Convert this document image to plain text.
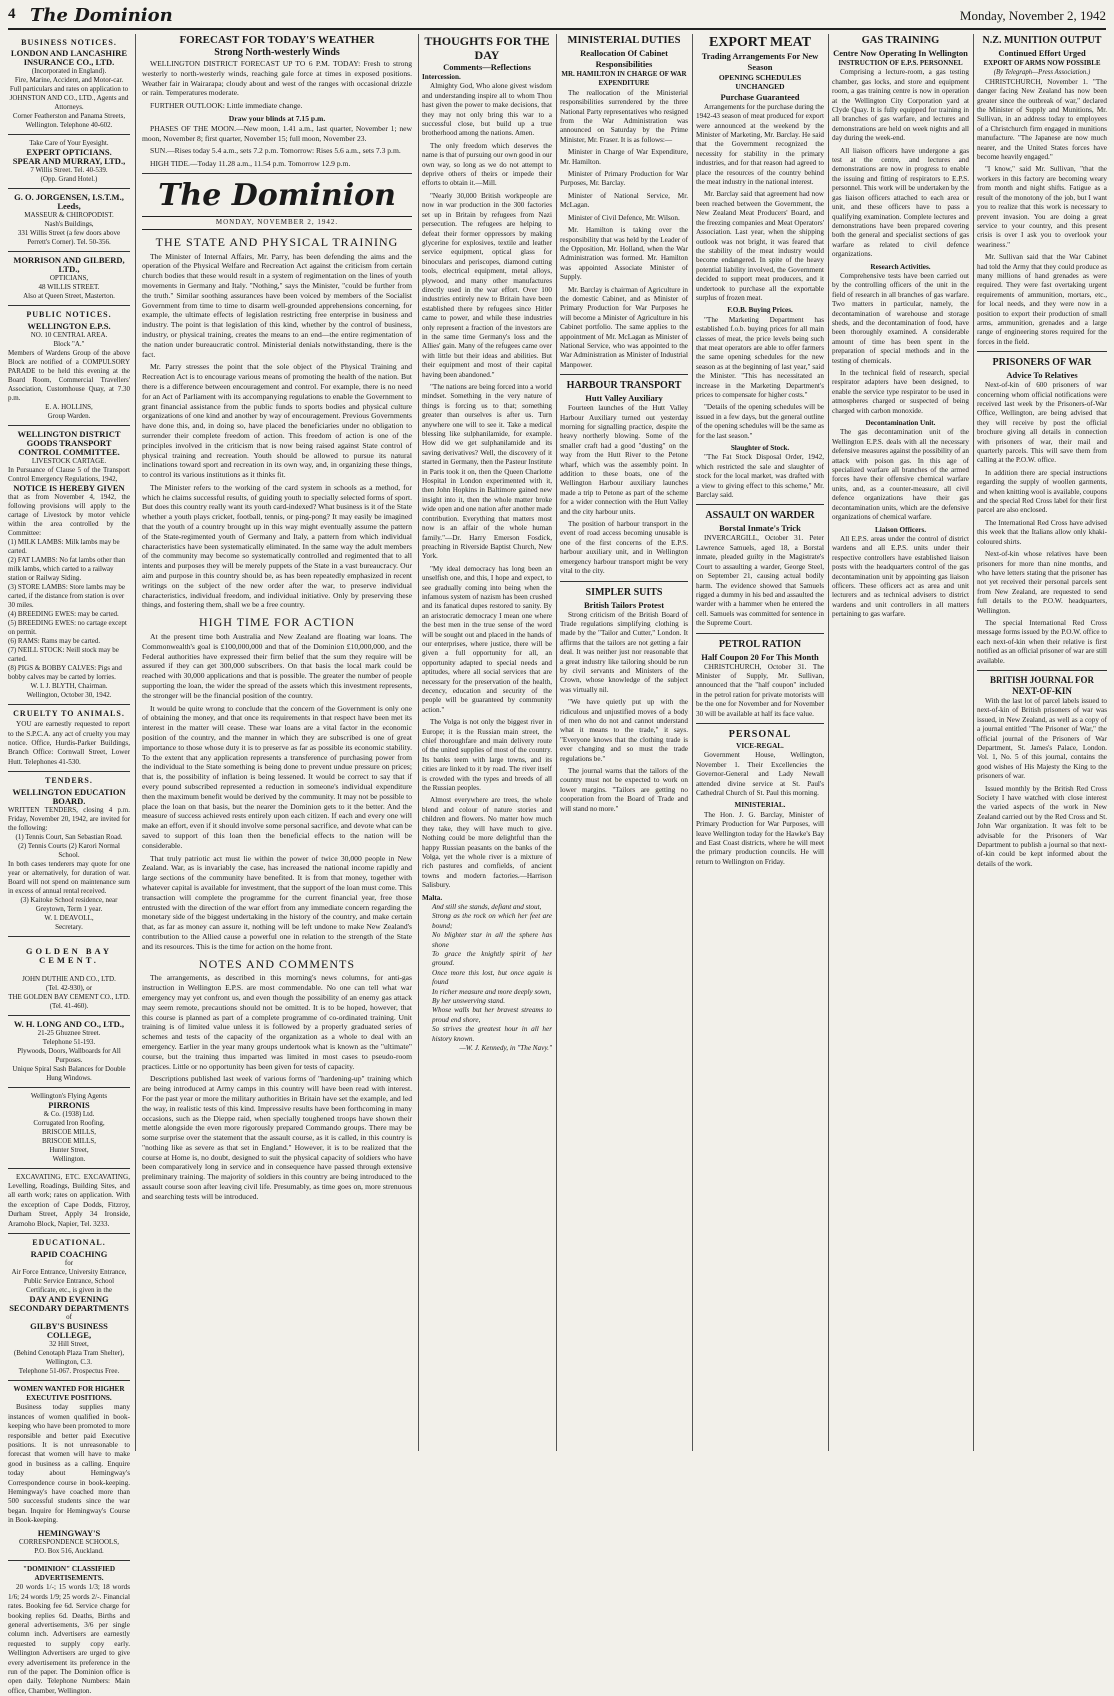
4 The Dominion	Monday, November 2, 1942
BUSINESS NOTICES.

LONDON AND LANCASHIRE INSURANCE CO., LTD.

(Incorporated in England).

Fire, Marine, Accident, and Motor-car.

Full particulars and rates on application to

JOHNSTON AND CO., LTD., Agents and Attorneys.

Corner Featherston and Panama Streets, Wellington. Telephone 40-602.

Take Care of Your Eyesight.

EXPERT OPTICIANS.

SPEAR AND MURRAY, LTD.,

7 Willis Street. Tel. 40-539.

(Opp. Grand Hotel.)

G. O. JORGENSEN, I.S.T.M., Leeds,

MASSEUR & CHIROPODIST.

Nash's Buildings,

331 Willis Street (a few doors above Perrett's Corner). Tel. 50-356.

MORRISON AND GILBERD, LTD.,

OPTICIANS,

48 WILLIS STREET.

Also at Queen Street, Masterton.

PUBLIC NOTICES.

WELLINGTON E.P.S.

NO. 10 CENTRAL AREA.

Block "A."

Members of Wardens Group of the above Block are notified of a COMPULSORY PARADE to be held this evening at the Board Room, Commercial Travellers' Association, Customhouse Quay, at 7.30 p.m.

E. A. HOLLINS,

Group Warden.

WELLINGTON DISTRICT GOODS TRANSPORT CONTROL COMMITTEE.

LIVESTOCK CARTAGE.

In Pursuance of Clause 5 of the Transport Control Emergency Regulations, 1942,

NOTICE IS HEREBY GIVEN

that as from November 4, 1942, the following provisions will apply to the cartage of Livestock by motor vehicle within the area controlled by the Committee:

(1) MILK LAMBS: Milk lambs may be carted.

(2) FAT LAMBS: No fat lambs other than milk lambs, which carted to a railway station or Railway Siding.

(3) STORE LAMBS: Store lambs may be carted, if the distance from station is over 30 miles.

(4) BREEDING EWES: may be carted.

(5) BREEDING EWES: no cartage except on permit.

(6) RAMS: Rams may be carted.

(7) NEILL STOCK: Neill stock may be carted.

(8) PIGS & BOBBY CALVES: Pigs and bobby calves may be carted by lorries.

W. I. J. BLYTH, Chairman.

Wellington, October 30, 1942.

CRUELTY TO ANIMALS.

YOU are earnestly requested to report to the S.P.C.A. any act of cruelty you may notice. Office, Hurdis-Parker Buildings, Branch Office: Cornwall Street, Lower Hutt. Telephones 41-530.

TENDERS.

WELLINGTON EDUCATION BOARD.

WRITTEN TENDERS, closing 4 p.m. Friday, November 20, 1942, are invited for the following:

(1) Tennis Court, San Sebastian Road.

(2) Tennis Courts (2) Karori Normal School.

In both cases tenderers may quote for one year or alternatively, for duration of war. Board will not spend on maintenance sum in excess of annual rental received.

(3) Kaitoke School residence, near Greytown, Term 1 year.

W. I. DEAVOLL,

Secretary.

GOLDEN BAY

CEMENT.

JOHN DUTHIE AND CO., LTD.

(Tel. 42-930), or

THE GOLDEN BAY CEMENT CO., LTD.

(Tel. 41-460).

W. H. LONG AND CO., LTD.,

21-25 Ghuznee Street.

Telephone 51-193.

Plywoods, Doors, Wallboards for All Purposes.

Unique Spiral Sash Balances for Double Hung Windows.

Wellington's Flying Agents

PIRRONIS

& Co. (1938) Ltd.

Corrugated Iron Roofing,

BRISCOE MILLS,

BRISCOE MILLS,

Hunter Street,

Wellington.

EXCAVATING, ETC. EXCAVATING, Levelling, Roadings, Building Sites, and all earth work; rates on application. With the exception of Cape Dodds, Fitzroy, Durham Street, Apply 34 Ironside, Aramoho Block, Napier, Tel. 3233.

EDUCATIONAL.

RAPID COACHING

for

Air Force Entrance, University Entrance, Public Service Entrance, School Certificate, etc., is given in the

DAY AND EVENING

SECONDARY DEPARTMENTS

of

GILBY'S BUSINESS COLLEGE,

32 Hill Street,

(Behind Cenotaph Plaza Tram Shelter), Wellington, C.3.

Telephone 51-067. Prospectus Free.

WOMEN WANTED FOR HIGHER EXECUTIVE POSITIONS.

Business today supplies many instances of women qualified in book-keeping who have been promoted to more responsible and better paid Executive positions. It is not unreasonable to forecast that women will have to make good in business as a calling. Enquire today about Hemingway's Correspondence course in book-keeping. Hemingway's have coached more than 500 successful students since the war began. Inquire for Hemingway's Course in Book-keeping.

HEMINGWAY'S

CORRESPONDENCE SCHOOLS,

P.O. Box 516, Auckland.

"DOMINION" CLASSIFIED ADVERTISEMENTS.

20 words 1/-; 15 words 1/3; 18 words 1/6; 24 words 1/9; 25 words 2/-. Financial rates. Booking fee 6d. Service charge for booking replies 6d. Deaths, Births and general advertisements, 3/6 per single column inch. Advertisers are earnestly requested to supply copy early. Wellington Advertisers are urged to give every advertisement its preference in the run of the paper. The Dominion office is open daily. Telephone Numbers: Main office, Chamber, Wellington.

FORECAST FOR TODAY'S WEATHER
Strong North-westerly Winds

WELLINGTON DISTRICT FORECAST UP TO 6 P.M. TODAY: Fresh to strong westerly to north-westerly winds, reaching gale force at times in exposed positions. Weather fair in Wairarapa; cloudy about and west of the ranges with occasional drizzle or rain. Temperatures moderate.

FURTHER OUTLOOK: Little immediate change.

Draw your blinds at 7.15 p.m.

PHASES OF THE MOON.—New moon, 1.41 a.m., last quarter, November 1; new moon, November 8; first quarter, November 15; full moon, November 23.

SUN.—Rises today 5.4 a.m., sets 7.2 p.m. Tomorrow: Rises 5.6 a.m., sets 7.3 p.m.

HIGH TIDE.—Today 11.28 a.m., 11.54 p.m. Tomorrow 12.9 p.m.

The Dominion
MONDAY, NOVEMBER 2, 1942.
THE STATE AND PHYSICAL TRAINING

The Minister of Internal Affairs, Mr. Parry, has been defending the aims and the operation of the Physical Welfare and Recreation Act against the criticism from certain church bodies that these would result in a system of regimentation on the lines of youth movements in Germany and Italy. "Nothing," says the Minister, "could be further from the truth." Similar soothing assurances have been voiced by members of the Socialist Government from time to time to disarm well-grounded apprehensions concerning, for example, the ultimate effects of legislation restricting free enterprise in business and industry. The point is that legislation of this kind, whether by the control of business, industry, or physical training, creates the means to an end—the entire regimentation of the nation under bureaucratic control. Ministerial denials notwithstanding, there is the fact.

Mr. Parry stresses the point that the sole object of the Physical Training and Recreation Act is to encourage various means of promoting the health of the nation. But there is a difference between encouragement and control. For example, there is no need for an Act of Parliament with its accompanying regulations to enable the Government to grant financial assistance from the public funds to sports bodies and physical culture organizations of one kind and another by way of encouragement. Previous Governments have done this, and, in doing so, have placed the beneficiaries under no obligation to surrender their complete freedom of action. This freedom of action is one of the principles involved in the criticism that is now being raised against State control of physical training and recreation. Youth should be allowed to pursue its natural inclinations toward sport and recreation in its own way, and, in organizing these things, to control its various institutions as it thinks fit.

The Minister refers to the working of the card system in schools as a method, for which he claims successful results, of guiding youth to specially selected forms of sport. But does this country really want its youth card-indexed? What business is it of the State whether a youth plays cricket, football, tennis, or ping-pong? It may easily be imagined that the youth of a country brought up in this way might eventually assume the pattern of the State-regimented youth of Germany and Italy, a pattern from which individual characteristics have been systematically eliminated. In the same way the adult members of the community may become so systematically controlled and regimented that to all intents and purposes they will be merely puppets of the State in a vast bureaucracy. Our aim and purpose in this country should be, as has been repeatedly emphasized in recent writings on the subject of the new order after the war, to preserve individual characteristics, individual freedom, and individual initiative. Only by preserving these things, and fostering them, shall we be a free country.

HIGH TIME FOR ACTION

At the present time both Australia and New Zealand are floating war loans. The Commonwealth's goal is £100,000,000 and that of the Dominion £10,000,000, and the Federal authorities have expressed their firm belief that the sum they require will be assured if they can get 300,000 subscribers. On that basis the local mark could be reached with 30,000 applications and that is possible. The greater the number of people supporting the loan, the wider the spread of the assets which this investment represents, the stronger will be the financial position of the country.

It would be quite wrong to conclude that the concern of the Government is only one of obtaining the money, and that once its requirements in that respect have been met its interest in the matter will cease. These war loans are a vital factor in the economic position of the country, and the manner in which they are subscribed is one of great importance to those whose duty it is to preserve as far as possible its economic stability. To the extent that any application represents a transference of purchasing power from the individual to the State something is being done to prevent undue pressure on prices; that is, the possibility of inflation is being lessened. It would be correct to say that if every pound subscribed represented a reduction in someone's individual expenditure then the maximum benefit would be derived by the community. It may not be possible to place the loan on that basis, but the nearer the Dominion gets to it the better. And the measure of success achieved rests entirely upon each citizen. If each and every one will make an effort, even if it should involve some personal sacrifice, and devote what can be saved to support of this loan then the beneficial effects to the nation will be considerable.

That truly patriotic act must lie within the power of twice 30,000 people in New Zealand. War, as is invariably the case, has increased the national income rapidly and large sections of the community have benefited. It is from that money, together with whatever capital is available for investment, that the support of the loan must come. This transaction will complete the programme for the current financial year, free those entrusted with the direction of the war effort from any immediate concern regarding the monetary side of the biggest undertaking in the history of the country, and make certain that, as far as money can assure it, nothing will be left undone to make New Zealand's contribution to the Allied cause a powerful one in relation to the strength of the State and its resources. This is the time for action on the home front.

NOTES AND COMMENTS

The arrangements, as described in this morning's news columns, for anti-gas instruction in Wellington E.P.S. are most commendable. No one can tell what war emergency may yet confront us, and even though the possibility of an enemy gas attack may seem remote, precautions should not be omitted. It is to be hoped, however, that this course is planned as part of a complete programme of co-ordinated training. Unit training is of limited value unless it is followed by a properly graduated series of schemes and tests of the capacity of the organization as a whole to deal with an emergency. Earlier in the year many groups undertook what is known as the "ultimate" course, but the training thus imparted was limited in most cases to pseudo-room practices. Little or no opportunity has been given for tests of capacity.

Descriptions published last week of various forms of "hardening-up" training which are being introduced at Army camps in this country will have been read with interest. For the past year or more the military authorities in Britain have set the example, and led the way, in realistic tests of this kind. Impressive results have been forthcoming in many occasions, such as the Dieppe raid, when specially toughened troops have shown their mettle alongside the even more rigorously prepared Commando groups. There may be some surprise over the statement that the assault course, as it is called, in this country is "nothing like as severe as that set in England." However, it is to be realized that the course at Home is, no doubt, designed to suit the physical capacity of soldiers who have been comparatively long in service and in consequence have passed through extensive preliminary training. The majority of soldiers in this country are being introduced to the assault course soon after leaving civil life. Presumably, as time goes on, more strenuous and searching tests will be introduced.

THOUGHTS FOR THE DAY
Comments—Reflections
Intercession.

Almighty God, Who alone givest wisdom and understanding inspire all to whom Thou hast given the power to make decisions, that they may not only bring this war to a successful close, but build up a true brotherhood among the nations. Amen.

The only freedom which deserves the name is that of pursuing our own good in our own way, so long as we do not attempt to deprive others of theirs or impede their efforts to obtain it.—Mill.

"Nearly 30,000 British workpeople are now in war production in the 300 factories set up in Britain by refugees from Nazi persecution. The refugees are helping to defeat their former oppressors by making glycerine for explosives, textile and leather service equipment, optical glass for binoculars and periscopes, diamond cutting tools, electrical equipment, metal alloys, plywood, and many other manufactures directly used in the war effort. Over 100 industries entirely new to Britain have been established there by refugees since Hitler came to power, and while these industries only represent a fraction of the investors are in the same time Germany's loss and the Allies' gain. Many of the refugees came over with little but their ideas and abilities. But their equipment and most of their capital having been abandoned."

"The nations are being forced into a world mindset. Something in the very nature of things is forcing us to that; something greater than ourselves is after us. Turn anywhere one will to see it. Take a medical blessing like sulphanilamide, for example. How did we get sulphanilamide and its saving derivatives? Well, the discovery of it started in Germany, then the Pasteur Institute in Paris took it on, then the Queen Charlotte Hospital in London experimented with it, then John Hopkins in Baltimore gained new insight into it, then the whole matter broke wide open and one nation after another made contribution. Everything that matters most now is an affair of the whole human family."—Dr. Harry Emerson Fosdick, preaching in Riverside Baptist Church, New York.

"My ideal democracy has long been an unselfish one, and this, I hope and expect, to see gradually coming into being when the infamous system of nazism has been crushed and its fanatical dupes restored to sanity. By an aristocratic democracy I mean one where the best men in the true sense of the word will be sought out and placed in the hands of our enterprises, where justice, there will be given a full opportunity for all, an opportunity adapted to special needs and aptitudes, where all social services that are necessary for the preservation of the health, decency, education and security of the people will be guaranteed by community action."

The Volga is not only the biggest river in Europe; it is the Russian main street, the chief thoroughfare and main delivery route of the united supplies of most of the country. Its banks teem with large towns, and its cities are linked to it by road. The river itself is crowded with the types and breeds of all the Russian peoples.

Almost everywhere are trees, the whole blend and colour of nature stories and children and flowers. No matter how much they take, they will have much to give. Nothing could be more delightful than the happy Russian peasants on the banks of the Volga, yet the whole river is a mixture of rich pastures and cornfields, of ancient towns and modern factories.—Harrison Salisbury.

Malta.

And still she stands, defiant and stout,

Strong as the rock on which her feet are bound;

No blighter star in all the sphere has shone

To grace the knightly spirit of her ground.

Once more this lost, but once again is found

In richer measure and more deeply sown,

By her unswerving stand.

Whose walls but her bravest streams to proud end shore,

So strives the greatest hour in all her history known.

—W. J. Kennedy, in "The Navy."

MINISTERIAL DUTIES
Reallocation Of Cabinet Responsibilities
MR. HAMILTON IN CHARGE OF WAR EXPENDITURE

The reallocation of the Ministerial responsibilities surrendered by the three National Party representatives who resigned from the War Administration was announced on Saturday by the Prime Minister, Mr. Fraser. It is as follows:—

Minister in Charge of War Expenditure, Mr. Hamilton.

Minister of Primary Production for War Purposes, Mr. Barclay.

Minister of National Service, Mr. McLagan.

Minister of Civil Defence, Mr. Wilson.

Mr. Hamilton is taking over the responsibility that was held by the Leader of the Opposition, Mr. Holland, when the War Administration was formed. Mr. Hamilton was appointed Associate Minister of Supply.

Mr. Barclay is chairman of Agriculture in the domestic Cabinet, and as Minister of Primary Production for War Purposes he will become a Minister of Agriculture in his Cabinet portfolio. The same applies to the appointment of Mr. McLagan as Minister of National Service, who was appointed to the War Administration as Minister of Industrial Manpower.

HARBOUR TRANSPORT
Hutt Valley Auxiliary

Fourteen launches of the Hutt Valley Harbour Auxiliary turned out yesterday morning for signalling practice, despite the heavy northerly blowing. Some of the smaller craft had a good "dusting" on the way from the Hutt River to the Petone wharf, which was the assembly point. In addition to these boats, one of the Wellington Harbour auxiliary launches made a trip to Petone as part of the scheme for a wider connection with the Hutt Valley and the city harbour units.

The position of harbour transport in the event of road access becoming unusable is one of the first concerns of the E.P.S. harbour auxiliary unit, and in Wellington emergency harbour transport might be very vital to the city.

SIMPLER SUITS
British Tailors Protest

Strong criticism of the British Board of Trade regulations simplifying clothing is made by the "Tailor and Cutter," London. It affirms that the tailors are not getting a fair deal. It was neither just nor reasonable that a great industry like tailoring should be run by civil servants and Ministers of the Crown, whose knowledge of the subject was virtually nil.

"We have quietly put up with the ridiculous and unjustified moves of a body of men who do not and cannot understand what it means to the trade," it says. "Everyone knows that the clothing trade is ever changing and so must the trade regulations be."

The journal warns that the tailors of the country must not be expected to work on lower margins. "Tailors are getting no cooperation from the Board of Trade and will stand no more."

EXPORT MEAT
Trading Arrangements For New Season
OPENING SCHEDULES UNCHANGED
Purchase Guaranteed

Arrangements for the purchase during the 1942-43 season of meat produced for export were announced at the weekend by the Minister of Marketing, Mr. Barclay. He said that the Government recognized the necessity for stability in the primary industries, and for that reason had agreed to place the resources of the country behind the meat industry in the national interest.

Mr. Barclay said that agreement had now been reached between the Government, the New Zealand Meat Producers' Board, and the freezing companies and Meat Operators' Association. Last year, when the shipping outlook was not bright, it was feared that the stability of the meat industry would become endangered. In spite of the heavy potential liability involved, the Government decided to support meat producers, and it undertook to purchase all the exportable surplus of frozen meat.

F.O.B. Buying Prices.

"The Marketing Department has established f.o.b. buying prices for all main classes of meat, the price levels being such that meat operators are able to offer farmers the same opening schedules for the new season as at the beginning of last year," said the Minister. "This has necessitated an increase in the Marketing Department's prices to compensate for higher costs."

"Details of the opening schedules will be issued in a few days, but the general outline of the opening schedules will be the same as for the last season."

Slaughter of Stock.

"The Fat Stock Disposal Order, 1942, which restricted the sale and slaughter of stock for the local market, was drafted with a view to giving effect to this scheme," Mr. Barclay said.

ASSAULT ON WARDER
Borstal Inmate's Trick

INVERCARGILL, October 31. Peter Lawrence Samuels, aged 18, a Borstal inmate, pleaded guilty in the Magistrate's Court to assaulting a warder, George Steel, on September 21, causing actual bodily harm. The evidence showed that Samuels rigged a dummy in his bed and assaulted the warder with a hammer when he entered the cell. Samuels was committed for sentence in the Supreme Court.

PETROL RATION
Half Coupon 20 For This Month

CHRISTCHURCH, October 31. The Minister of Supply, Mr. Sullivan, announced that the "half coupon" included in the petrol ration for private motorists will be the one for November and for November 30 will be available at half its face value.

PERSONAL
VICE-REGAL.

Government House, Wellington, November 1. Their Excellencies the Governor-General and Lady Newall attended divine service at St. Paul's Cathedral Church of St. Paul this morning.

MINISTERIAL.

The Hon. J. G. Barclay, Minister of Primary Production for War Purposes, will leave Wellington today for the Hawke's Bay and East Coast districts, where he will meet the primary production councils. He will return to Wellington on Friday.

GAS TRAINING
Centre Now Operating In Wellington
INSTRUCTION OF E.P.S. PERSONNEL

Comprising a lecture-room, a gas testing chamber, gas locks, and store and equipment room, a gas training centre is now in operation at the Wellington City Corporation yard at Clyde Quay. It is fully equipped for training in all branches of gas warfare, and lectures and demonstrations are held on week nights and all day during the week-end.

All liaison officers have undergone a gas test at the centre, and lectures and demonstrations are now in progress to enable the issuing and fitting of respirators to E.P.S. personnel. This work will be undertaken by the gas liaison officers attached to each area or unit, and these officers have to pass a qualifying examination. Complete lectures and demonstrations have been prepared covering both the general and specialist sections of gas warfare as related to civil defence organizations.

Research Activities.

Comprehensive tests have been carried out by the controlling officers of the unit in the field of research in all branches of gas warfare. Two matters in particular, namely, the decontamination of warehouse and storage sheds, and the decontamination of food, have been thoroughly examined. A considerable amount of time has been spent in the preparation of special methods and in the testing of chemicals.

In the technical field of research, special respirator adapters have been designed, to enable the service type respirator to be used in atmospheres charged or suspected of being charged with carbon monoxide.

Decontamination Unit.

The gas decontamination unit of the Wellington E.P.S. deals with all the necessary defensive measures against the possibility of an attack with poison gas. In this age of specialized warfare all branches of the armed forces have their offensive chemical warfare units, and, as a counter-measure, all civil defence organizations have their gas decontamination units, which are the defensive organizations of chemical warfare.

Liaison Officers.

All E.P.S. areas under the control of district wardens and all E.P.S. units under their respective controllers have established liaison posts with the headquarters control of the gas decontamination unit by appointing gas liaison officers. These officers act as area and unit lecturers and as technical advisers to district wardens and unit controllers in all matters pertaining to gas warfare.

N.Z. MUNITION OUTPUT
Continued Effort Urged
EXPORT OF ARMS NOW POSSIBLE
(By Telegraph—Press Association.)

CHRISTCHURCH, November 1. "The danger facing New Zealand has now been greater since the outbreak of war," declared the Minister of Supply and Munitions, Mr. Sullivan, in an address today to employees of a Christchurch firm engaged in munitions manufacture. "The Japanese are now much nearer, and the United States forces have become heavily engaged."

"I know," said Mr. Sullivan, "that the workers in this factory are becoming weary from month and night shifts. Fatigue as a result of the monotony of the job, but I want you to realize that this work is necessary to prevent invasion. You are doing a great service to your country, and this present crisis is over I ask you to overlook your weariness."

Mr. Sullivan said that the War Cabinet had told the Army that they could produce as many millions of hand grenades as were required. They were fast overtaking urgent requirements of ammunition, mortars, etc., for local needs, and they were now in a position to export their production of small arms, ammunition, grenades and a large range of engineering stores required for the forces in the field.

PRISONERS OF WAR
Advice To Relatives

Next-of-kin of 600 prisoners of war concerning whom official notifications were received last week by the Prisoners-of-War Office, Wellington, are being advised that they will receive by post the official brochure giving all details in connection with prisoners of war, their mail and quarterly parcels. This will save them from calling at the P.O.W. office.

In addition there are special instructions regarding the supply of woollen garments, and when knitting wool is available, coupons and the special Red Cross label for their first parcel are also enclosed.

The International Red Cross have advised this week that the Italians allow only khaki-coloured shirts.

Next-of-kin whose relatives have been prisoners for more than nine months, and who have letters stating that the prisoner has not yet received their personal parcels sent from New Zealand, are requested to send full details to the P.O.W. headquarters, Wellington.

The special International Red Cross message forms issued by the P.O.W. office to each next-of-kin when their relative is first notified as an official prisoner of war are still available.

BRITISH JOURNAL FOR NEXT-OF-KIN

With the last lot of parcel labels issued to next-of-kin of British prisoners of war was issued, in New Zealand, as well as a copy of a journal entitled "The Prisoner of War," the official journal of the Prisoners of War Department, St. James's Palace, London. Vol. 1, No. 5 of this journal, contains the good wishes of His Majesty the King to the prisoners of war.

Issued monthly by the British Red Cross Society I have watched with close interest the varied aspects of the work in New Zealand carried out by the Red Cross and St. John War organization. It was felt to be advisable for the Prisoners of War Department to publish a journal so that next-of-kin could be kept informed about the details of the work.
